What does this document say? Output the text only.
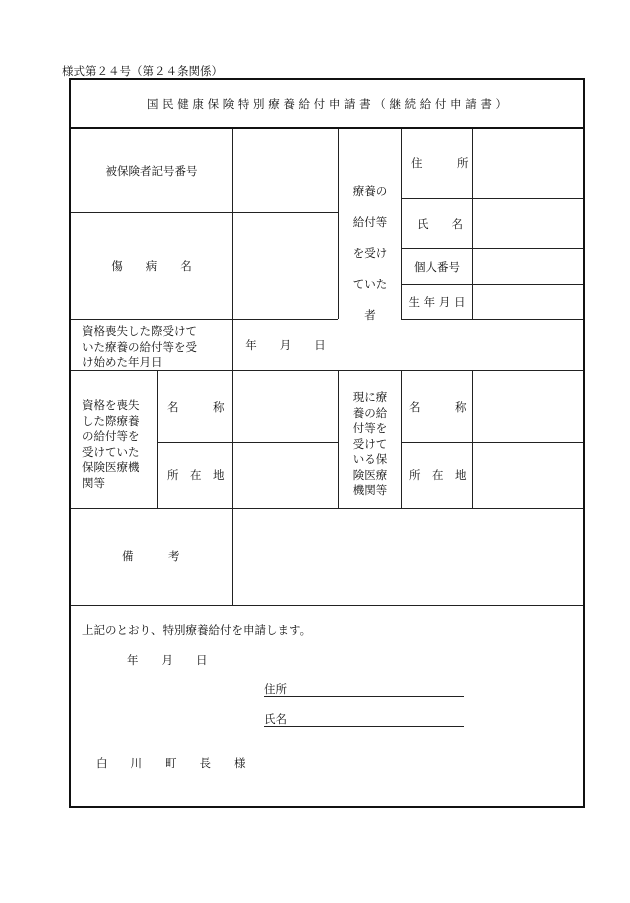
様式第２４号（第２４条関係）
国 民 健 康 保 険 特 別 療 養 給 付 申 請 書 （ 継 続 給 付 申 請 書 ）
被保険者記号番号
傷　　病　　名
資格喪失した際受けて
いた療養の給付等を受
け始めた年月日
年　　月　　日
療養の
給付等
を受け
ていた
者
住　　　所
氏　　名
個人番号
生 年 月 日
資格を喪失
した際療養
の給付等を
受けていた
保険医療機
関等
名　　　称
所　在　地
現に療
養の給
付等を
受けて
いる保
険医療
機関等
名　　　称
所　在　地
備　　　考
上記のとおり、特別療養給付を申請します。
年　　月　　日
住所
氏名
白　　川　　町　　長　　様
